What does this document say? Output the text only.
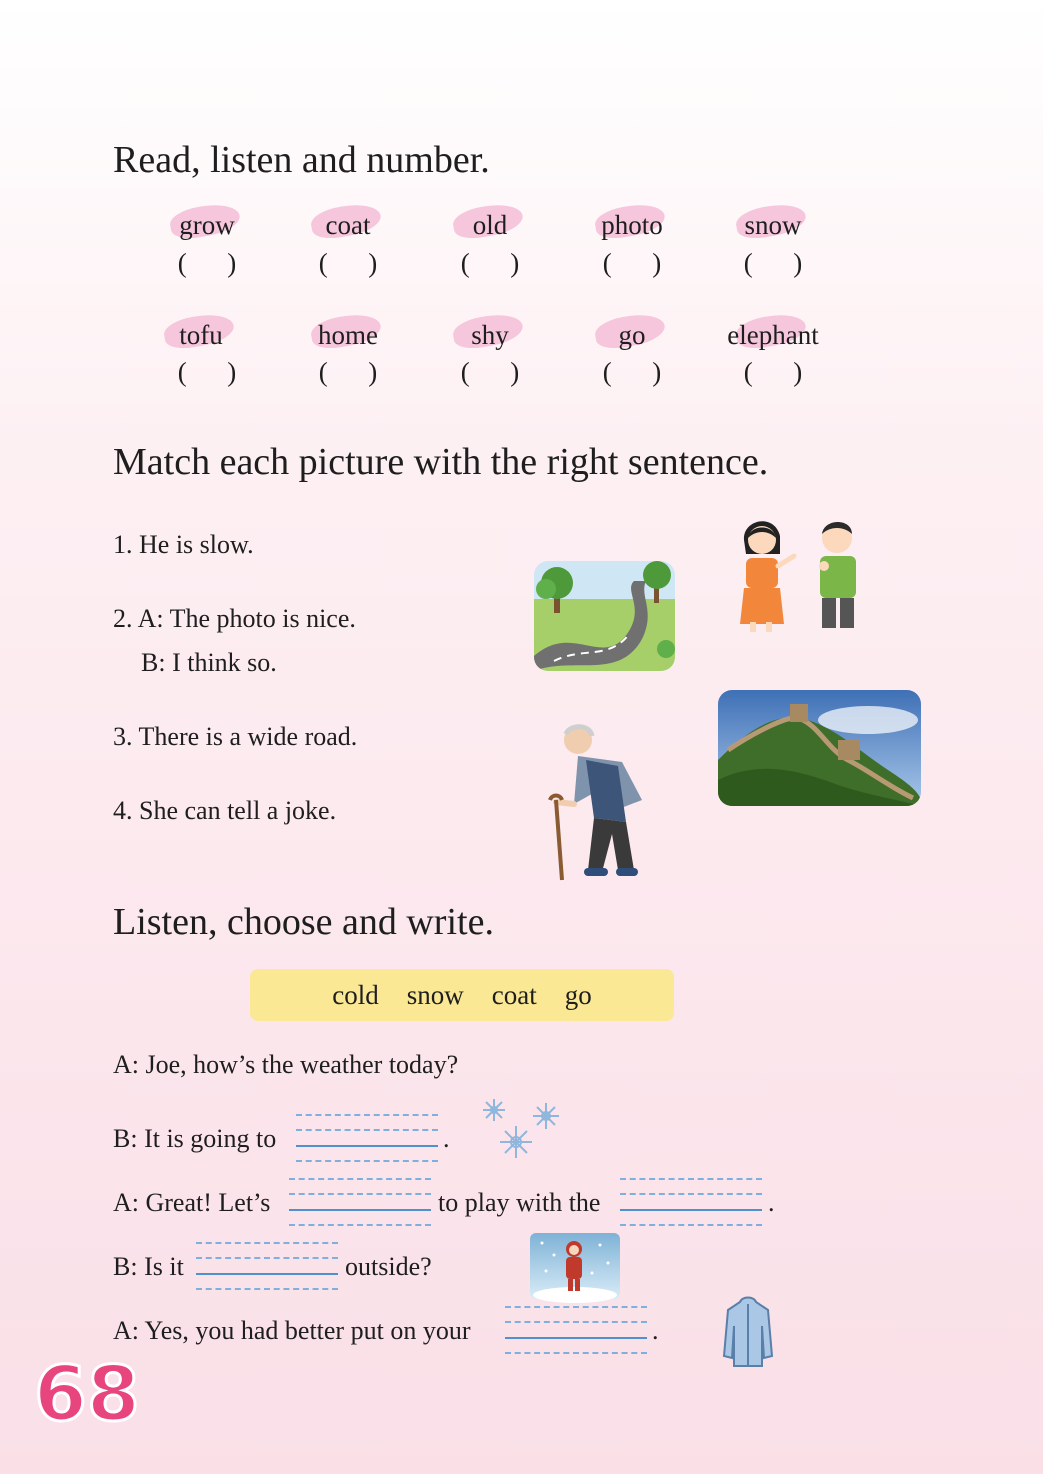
Read, listen and number.
grow	coat	old	photo	snow
(      )	(      )	(      )	(      )	(      )
tofu	home	shy	go	elephant
(      )	(      )	(      )	(      )	(      )
Match each picture with the right sentence.
1. He is slow.
2. A: The photo is nice.
B: I think so.
3. There is a wide road.
4. She can tell a joke.
Listen, choose and write.
cold snow coat go
A: Joe, how’s the weather today?
B: It is going to	.
A: Great! Let’s	to play with the	.
B: Is it	outside?
A: Yes, you had better put on your	.
68
